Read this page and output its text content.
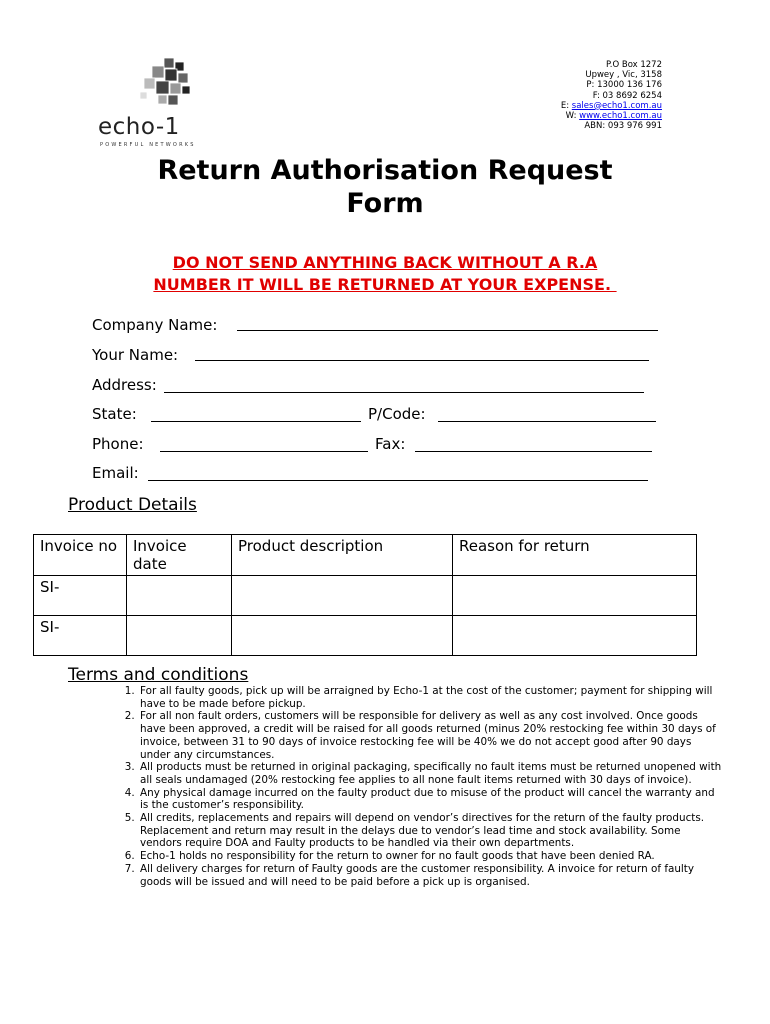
echo-1
POWERFUL NETWORKS
P.O Box 1272
Upwey , Vic, 3158
P: 13000 136 176
F: 03 8692 6254
E: sales@echo1.com.au
W: www.echo1.com.au
ABN: 093 976 991
Return Authorisation Request
Form
DO NOT SEND ANYTHING BACK WITHOUT A R.A
NUMBER IT WILL BE RETURNED AT YOUR EXPENSE.
Company Name:
Your Name:
Address:
State:	P/Code:
Phone:	Fax:
Email:
Product Details
Invoice no	Invoice date	Product description	Reason for return
SI-			
SI-			
Terms and conditions
1. For all faulty goods, pick up will be arraigned by Echo-1 at the cost of the customer; payment for shipping will have to be made before pickup.
2. For all non fault orders, customers will be responsible for delivery as well as any cost involved. Once goods have been approved, a credit will be raised for all goods returned (minus 20% restocking fee within 30 days of invoice, between 31 to 90 days of invoice restocking fee will be 40% we do not accept good after 90 days under any circumstances.
3. All products must be returned in original packaging, specifically no fault items must be returned unopened with all seals undamaged (20% restocking fee applies to all none fault items returned with 30 days of invoice).
4. Any physical damage incurred on the faulty product due to misuse of the product will cancel the warranty and is the customer’s responsibility.
5. All credits, replacements and repairs will depend on vendor’s directives for the return of the faulty products. Replacement and return may result in the delays due to vendor’s lead time and stock availability. Some vendors require DOA and Faulty products to be handled via their own departments.
6. Echo-1 holds no responsibility for the return to owner for no fault goods that have been denied RA.
7. All delivery charges for return of Faulty goods are the customer responsibility. A invoice for return of faulty goods will be issued and will need to be paid before a pick up is organised.
